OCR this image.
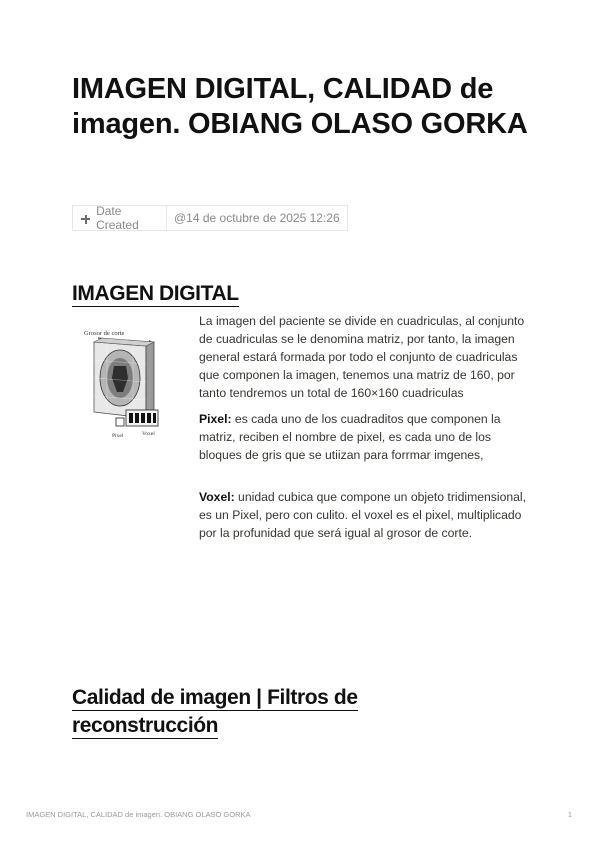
IMAGEN DIGITAL, CALIDAD de imagen. OBIANG OLASO GORKA
Date Created	@14 de octubre de 2025 12:26
IMAGEN DIGITAL
Grosor de corte
Pixel	Voxel

La imagen del paciente se divide en cuadriculas, al conjunto de cuadriculas se le denomina matriz, por tanto, la imagen general estará formada por todo el conjunto de cuadriculas que componen la imagen, tenemos una matriz de 160, por tanto tendremos un total de 160×160 cuadriculas

Pixel: es cada uno de los cuadraditos que componen la matriz, reciben el nombre de pixel, es cada uno de los bloques de gris que se utiizan para forrmar imgenes,

Voxel: unidad cubica que compone un objeto tridimensional, es un Pixel, pero con culito. el voxel es el pixel, multiplicado por la profunidad que será igual al grosor de corte.

Calidad de imagen | Filtros de reconstrucción
IMAGEN DIGITAL, CALIDAD de imagen. OBIANG OLASO GORKA	1
